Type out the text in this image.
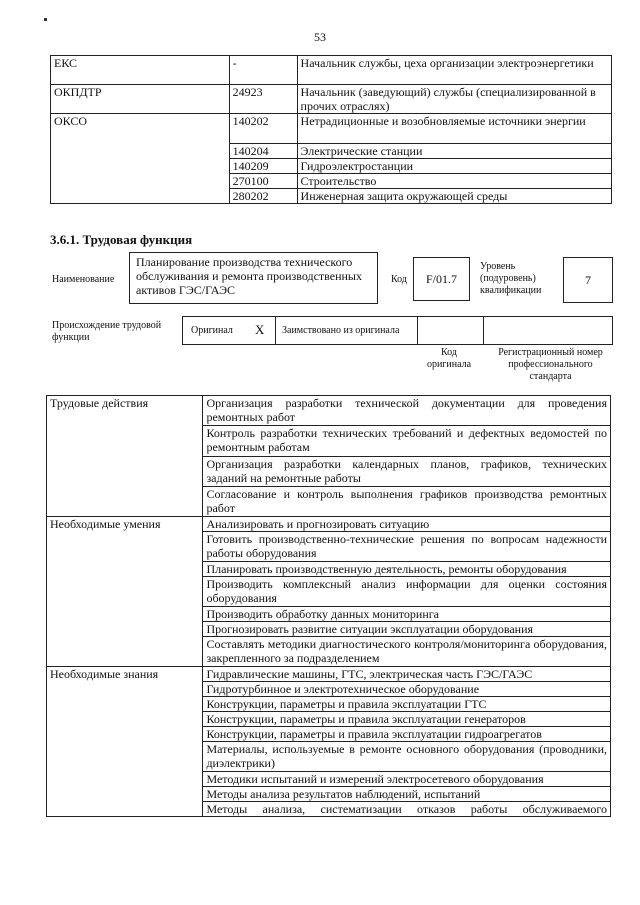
53
ЕКС	-	Начальник службы, цеха организации электроэнергетики
ОКПДТР	24923	Начальник (заведующий) службы (специализированной в прочих отраслях)
ОКСО	140202	Нетрадиционные и возобновляемые источники энергии
	140204	Электрические станции
	140209	Гидроэлектростанции
	270100	Строительство
	280202	Инженерная защита окружающей среды
3.6.1. Трудовая функция
Наименование
Планирование производства технического обслуживания и ремонта производственных активов ГЭС/ГАЭС
Код	F/01.7
Уровень (подуровень) квалификации
7
Происхождение трудовой функции
Оригинал X Заимствовано из оригинала
Код оригинала
Регистрационный номер профессионального стандарта
Трудовые действия	Организация разработки технической документации для проведения ремонтных работ
	Контроль разработки технических требований и дефектных ведомостей по ремонтным работам
	Организация разработки календарных планов, графиков, технических заданий на ремонтные работы
	Согласование и контроль выполнения графиков производства ремонтных работ
Необходимые умения	Анализировать и прогнозировать ситуацию
	Готовить производственно-технические решения по вопросам надежности работы оборудования
	Планировать производственную деятельность, ремонты оборудования
	Производить комплексный анализ информации для оценки состояния оборудования
	Производить обработку данных мониторинга
	Прогнозировать развитие ситуации эксплуатации оборудования
	Составлять методики диагностического контроля/мониторинга оборудования, закрепленного за подразделением
Необходимые знания	Гидравлические машины, ГТС, электрическая часть ГЭС/ГАЭС
	Гидротурбинное и электротехническое оборудование
	Конструкции, параметры и правила эксплуатации ГТС
	Конструкции, параметры и правила эксплуатации генераторов
	Конструкции, параметры и правила эксплуатации гидроагрегатов
	Материалы, используемые в ремонте основного оборудования (проводники, диэлектрики)
	Методики испытаний и измерений электросетевого оборудования
	Методы анализа результатов наблюдений, испытаний
	Методы анализа, систематизации отказов работы обслуживаемого
